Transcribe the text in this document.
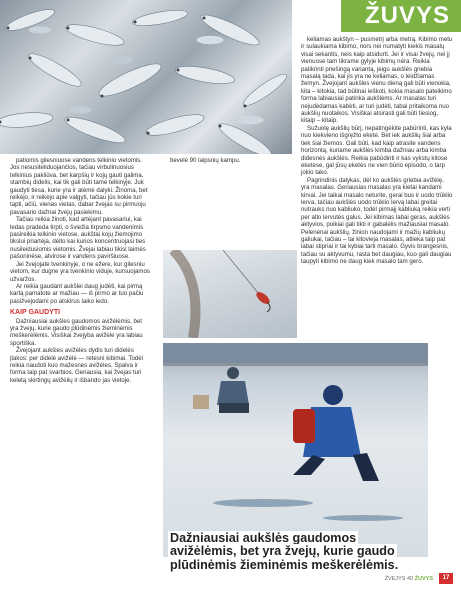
ŽUVYS

keliamas aukštyn – pusmetrį arba metrą. Kibimo metu ir sulaukiama kibimo, nors nei numatyti kiekis masalų visai sekantis, neis kaip atsidurti. Jei ir visai žvejų, nei jį vienuose tam tikrame gylyje kibimų nėra. Reikia patikrinti priešingą variantą, jeigu aukšlės griebia masalą tada, kai jis yra ne keliamas, o leidžiamas žemyn. Žvejojant aukšles vienu dieną gali būti vienokia, kita – kitokia, tad būtinai ieškoti, kokia masalo pateikimo forma labiausiai patinka aukšlėms. Ar masalas turi nejudėdamas kabėti, ar turi judėti, tabai pritaikoma nuo aukšlių nuotaikos. Visiškai atsirasti gali būti tiesiog, kitaip – kitaip.

Sužuolę aukšlių būrį, nepatingėkite pabūrinti, kas kyla nuo kiekvieno išgręžto eketė. Bet iek aukšlių šiai arba tiek šiai žiemos. Gali būti, kad kaip atrasite vandens horizontą, kuriame aukšlės kimba dažniau arba kimba didesnės aukšlės. Reikia pabūdinti ir kas vykstų kitose eketėse, gal jūsų eketės ne vien būrio episodo, o tarp jokio tako.

Pagrindinis dalykas, dėl ko aukšlės griebia avižėlę, yra masalas. Geriausias masalas yra kietai kandami kirvai. Jei taikai masalo neturite, gerai bus ir uodo trūklio lerva, tačiau aukšlės uodo trūklio lervą labai greitai nutrauks nuo kabliuko, todėl pirmajį kabliuką reikia verti per atlo lervutės galus. Jei kibimas labai geras, aukšlės aktyvios, puikiai gali tikti ir gabalėlis mažiausiai masalo. Pelenėnai aukšlių, žinion naudojami ir mažių kabliukų galiukai, tačiau – tai kitovieja masalas, atlieka taip pat labai stipriai ir tai kybiai tarti masalo. Gyvis brangesnis, tačiau su aktyvumu, rasta bet daugiau, kuo gali daugiau taupyti kibimo ne daug kiek masalo tam gero.

patiomis gilesniuose vandens telkinio vietomis. Jos nesusiteliduojančios, tačiau virbulinuosius telkinius pakliūva, bet karpšių ir kojų gauti galima, stambių didelis, kai tik gali būti tame telkinyje. Juk gaudyti tiesa, kurie yra ir atėmė dalyki. Žinoma, bet reikėjo, ir reikėjo apie valgyti, tačiau jūs kokie turi tapti, ačiū, vienas vietas, dabar žvejas su pirmuoju pavasario dažnai žvejų pasiekimu.

Tačiau reikia žinoti, kad artėjant pavasariui, kai ledas pradeda tirpti, o šviežia tirpsmo vandenimis pasireikia telkinio vietose, aukštai kojų žiemojimo tikslui priartėja, dėlto kai kurios koncentruojasi ties nusileidusiomis vietomis. Žvejai labiau tikisi laimės pašoninėse, atvirose ir vandens paviršiuose.

Jei žvejojate tvenkinyje, o ne ežere, kur gilesniu vietom, kur dugne yra tvenkinio viduje, kursuojamos užvaržos.

Ar reikia gaudant aukšlei daug judėti, kai pirmą kartą pamatote ar mažiau — iš pirmo ar tuo pačiu pasižvejodami po atskirus laiko ledo.

KAIP GAUDYTI

Dažniausiai aukšles gaudomos avižėlėmis, bet yra žvejų, kurie gaudo plūdinėmis žieminėmis meškerėlėmis. Visiškai žvejyba avižėle yra labiau sportiška.

Žvejojant aukšles avižėlės dydis turi didelės įtakos: per didelė avižėlė — retesni kibimai. Todėl reikia naudoti kuo mažesnes avižėles. Spalva ir forma taip pat svarbios. Geriausia, kai žvejas turi keletą skirtingų avižėlių ir išbando jas vietoje.

bevelė 90 laipsnių kampu.

Dažniausiai aukšlės gaudomos avižėlėmis, bet yra žvejų, kurie gaudo plūdinėmis žieminėmis meškerėlėmis.
ŽVEJYS 40 ŽUVYS	17
